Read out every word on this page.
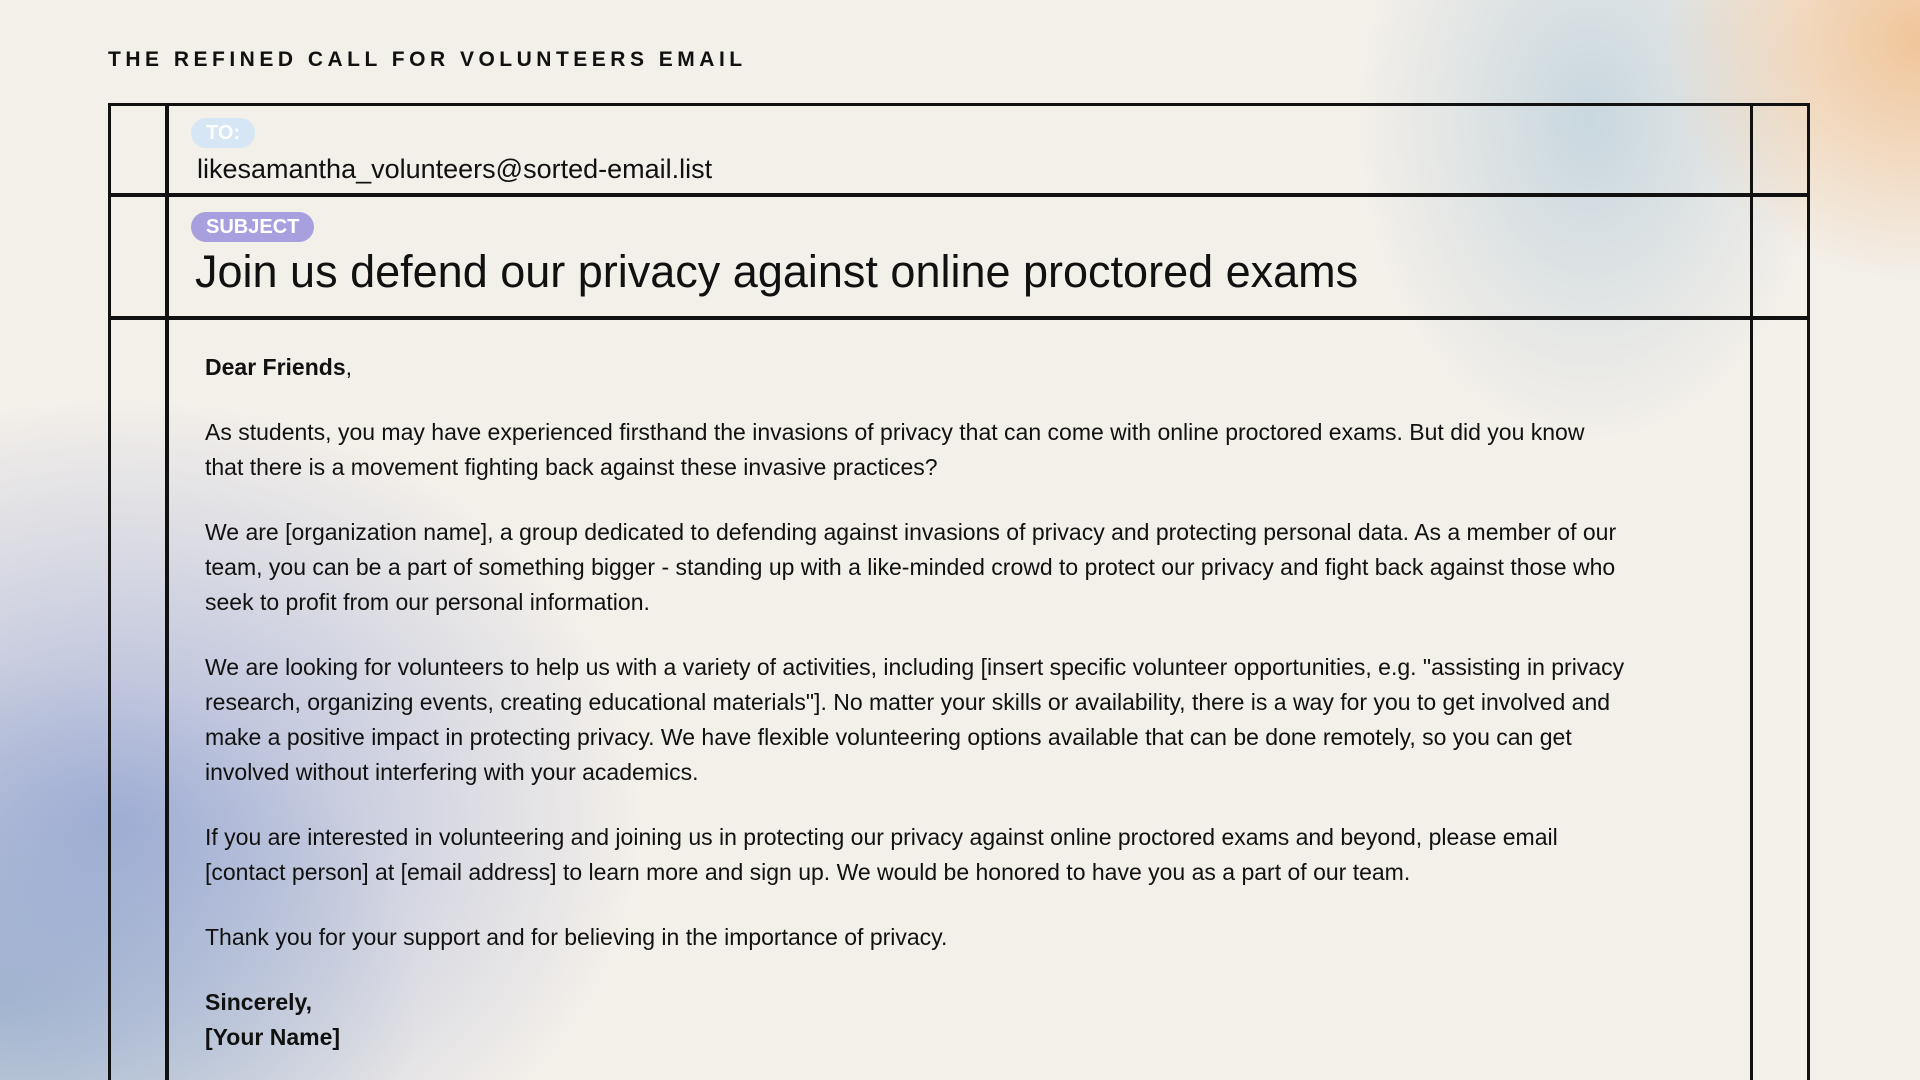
THE REFINED CALL FOR VOLUNTEERS EMAIL
TO:
likesamantha_volunteers@sorted-email.list
SUBJECT
Join us defend our privacy against online proctored exams

Dear Friends,

As students, you may have experienced firsthand the invasions of privacy that can come with online proctored exams. But did you know that there is a movement fighting back against these invasive practices?

We are [organization name], a group dedicated to defending against invasions of privacy and protecting personal data. As a member of our team, you can be a part of something bigger - standing up with a like-minded crowd to protect our privacy and fight back against those who seek to profit from our personal information.

We are looking for volunteers to help us with a variety of activities, including [insert specific volunteer opportunities, e.g. "assisting in privacy research, organizing events, creating educational materials"]. No matter your skills or availability, there is a way for you to get involved and make a positive impact in protecting privacy. We have flexible volunteering options available that can be done remotely, so you can get involved without interfering with your academics.

If you are interested in volunteering and joining us in protecting our privacy against online proctored exams and beyond, please email [contact person] at [email address] to learn more and sign up. We would be honored to have you as a part of our team.

Thank you for your support and for believing in the importance of privacy.

Sincerely,

[Your Name]
